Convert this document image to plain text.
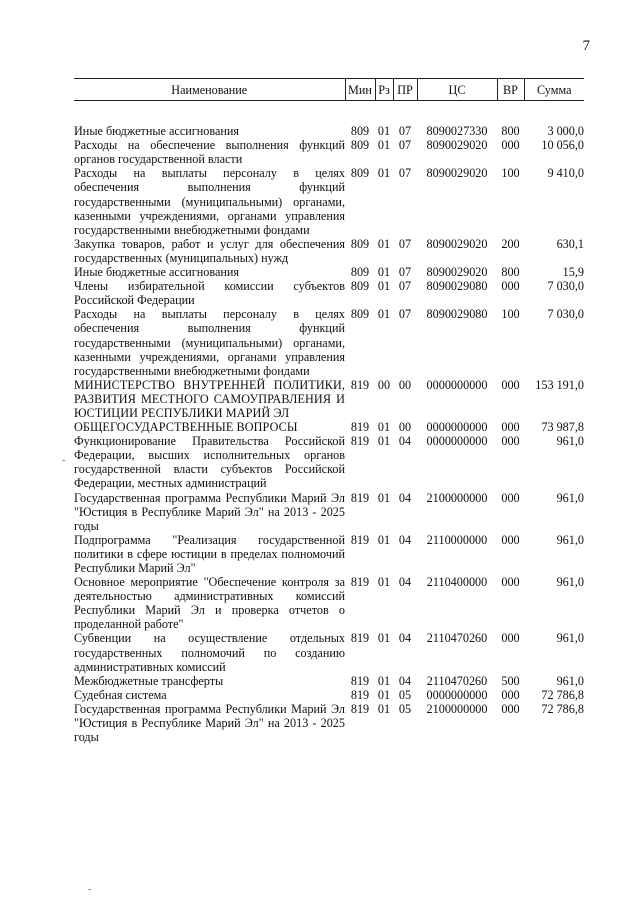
7
Наименование	Мин	Рз	ПР	ЦС	ВР	Сумма
Иные бюджетные ассигнования	809	01	07	8090027330	800	3 000,0
Расходы на обеспечение выполнения функций органов государственной власти	809	01	07	8090029020	000	10 056,0
Расходы на выплаты персоналу в целях обеспечения выполнения функций государственными (муниципальными) органами, казенными учреждениями, органами управления государственными внебюджетными фондами	809	01	07	8090029020	100	9 410,0
Закупка товаров, работ и услуг для обеспечения государственных (муниципальных) нужд	809	01	07	8090029020	200	630,1
Иные бюджетные ассигнования	809	01	07	8090029020	800	15,9
Члены избирательной комиссии субъектов Российской Федерации	809	01	07	8090029080	000	7 030,0
Расходы на выплаты персоналу в целях обеспечения выполнения функций государственными (муниципальными) органами, казенными учреждениями, органами управления государственными внебюджетными фондами	809	01	07	8090029080	100	7 030,0
МИНИСТЕРСТВО ВНУТРЕННЕЙ ПОЛИТИКИ, РАЗВИТИЯ МЕСТНОГО САМОУПРАВЛЕНИЯ И ЮСТИЦИИ РЕСПУБЛИКИ МАРИЙ ЭЛ	819	00	00	0000000000	000	153 191,0
ОБЩЕГОСУДАРСТВЕННЫЕ ВОПРОСЫ	819	01	00	0000000000	000	73 987,8
Функционирование Правительства Российской Федерации, высших исполнительных органов государственной власти субъектов Российской Федерации, местных администраций	819	01	04	0000000000	000	961,0
Государственная программа Республики Марий Эл "Юстиция в Республике Марий Эл" на 2013 - 2025 годы	819	01	04	2100000000	000	961,0
Подпрограмма "Реализация государственной политики в сфере юстиции в пределах полномочий Республики Марий Эл"	819	01	04	2110000000	000	961,0
Основное мероприятие "Обеспечение контроля за деятельностью административных комиссий Республики Марий Эл и проверка отчетов о проделанной работе"	819	01	04	2110400000	000	961,0
Субвенции на осуществление отдельных государственных полномочий по созданию административных комиссий	819	01	04	2110470260	000	961,0
Межбюджетные трансферты	819	01	04	2110470260	500	961,0
Судебная система	819	01	05	0000000000	000	72 786,8
Государственная программа Республики Марий Эл "Юстиция в Республике Марий Эл" на 2013 - 2025 годы	819	01	05	2100000000	000	72 786,8
-
-
